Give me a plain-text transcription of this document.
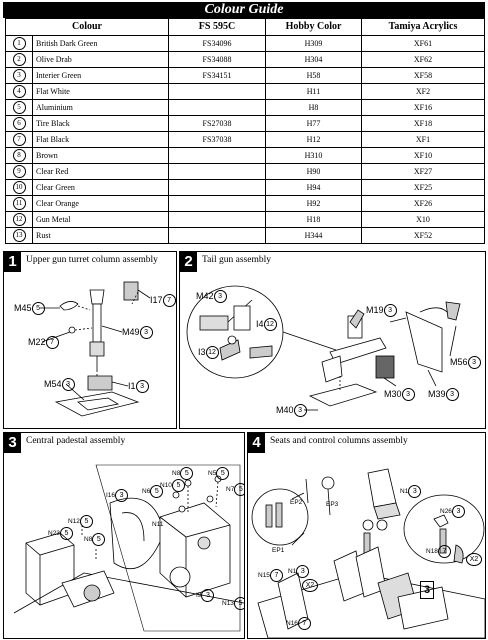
Colour Guide
Colour		FS 595C	Hobby Color	Tamiya Acrylics
1	British Dark Green	FS34096	H309	XF61
2	Olive Drab	FS34088	H304	XF62
3	Interier Green	FS34151	H58	XF58
4	Flat White		H11	XF2
5	Aluminium		H8	XF16
6	Tire Black	FS27038	H77	XF18
7	Flat Black	FS37038	H12	XF1
8	Brown		H310	XF10
9	Clear Red		H90	XF27
10	Clear Green		H94	XF25
11	Clear Orange		H92	XF26
12	Gun Metal		H18	X10
13	Rust		H344	XF52
1 Upper gun turret column assembly
M45 5
I17 7
M22 7
M49 3
M54 3	I1 3
2 Tail gun assembly
M42 3
I4 12
I3 12
M19 3
M56 3
M40 3
M30 3	M39 3
3 Central padestal assembly
N8 5	N5 5
N6 5
N10 5
N7 5
I16 3
N11
N12 5
N23 5
N8 5
I9 3
N13 5
4 Seats and control columns assembly
EP2	EP3
EP1
N1 3
N26 3
N18 7
X2
N15 7
N1 3
X2
N16 7
3
